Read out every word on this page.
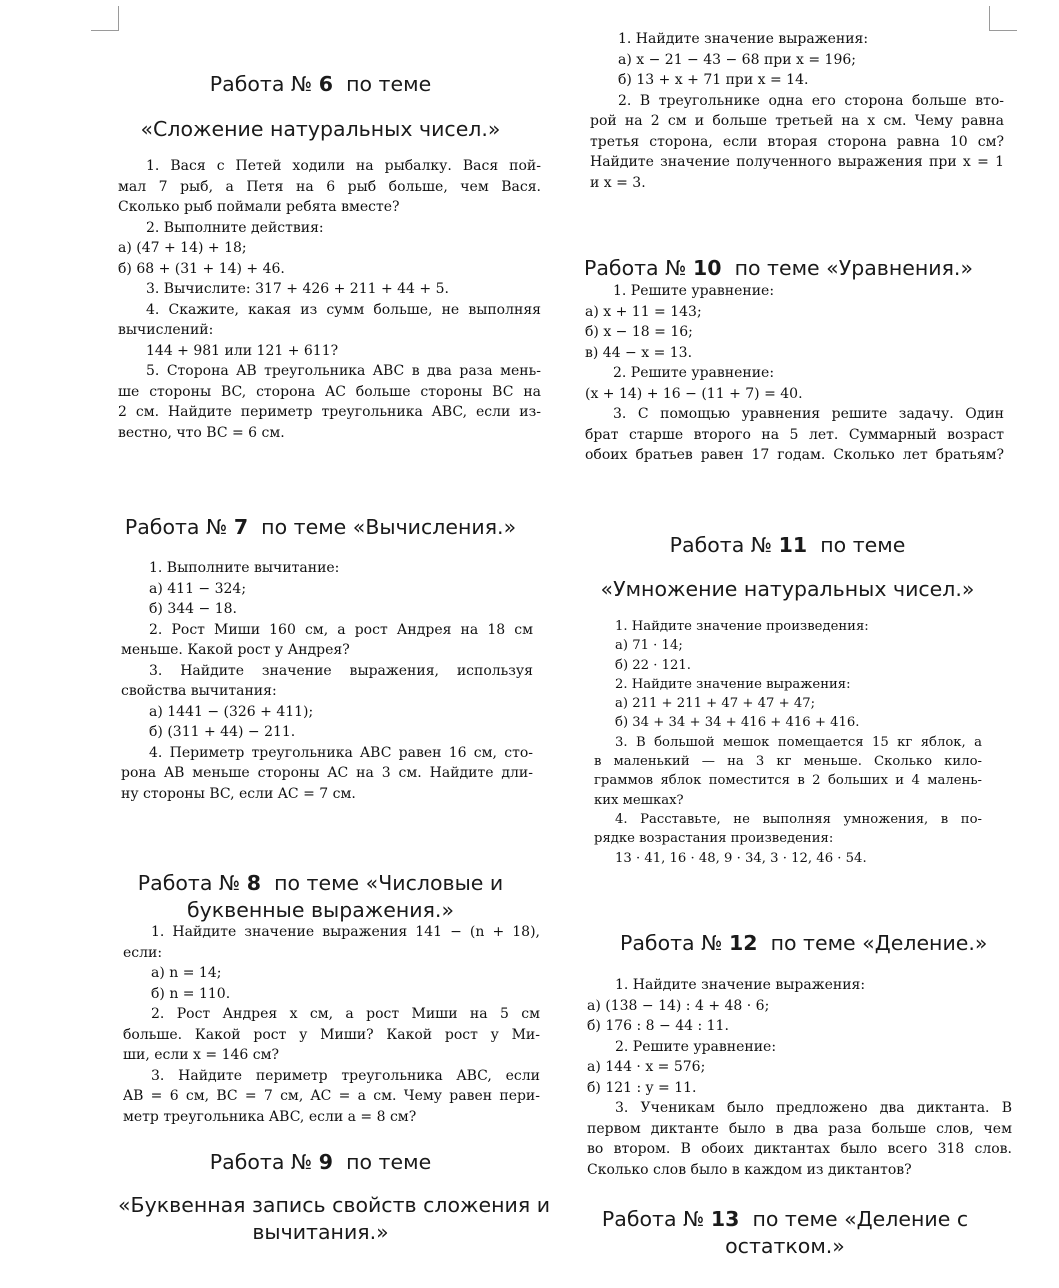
Работа № 6 по теме
«Сложение натуральных чисел.»

1. Вася с Петей ходили на рыбалку. Вася пой-

мал 7 рыб, а Петя на 6 рыб больше, чем Вася.

Сколько рыб поймали ребята вместе?

2. Выполните действия:

а) (47 + 14) + 18;

б) 68 + (31 + 14) + 46.

3. Вычислите: 317 + 426 + 211 + 44 + 5.

4. Скажите, какая из сумм больше, не выполняя

вычислений:

144 + 981 или 121 + 611?

5. Сторона AB треугольника ABC в два раза мень-

ше стороны BC, сторона AC больше стороны BC на

2 см. Найдите периметр треугольника ABC, если из-

вестно, что BC = 6 см.

Работа № 7 по теме «Вычисления.»

1. Выполните вычитание:

а) 411 − 324;

б) 344 − 18.

2. Рост Миши 160 см, а рост Андрея на 18 см

меньше. Какой рост у Андрея?

3. Найдите значение выражения, используя

свойства вычитания:

а) 1441 − (326 + 411);

б) (311 + 44) − 211.

4. Периметр треугольника ABC равен 16 см, сто-

рона AB меньше стороны AC на 3 см. Найдите дли-

ну стороны BC, если AC = 7 см.

Работа № 8 по теме «Числовые и
буквенные выражения.»

1. Найдите значение выражения 141 − (n + 18),

если:

а) n = 14;

б) n = 110.

2. Рост Андрея x см, а рост Миши на 5 см

больше. Какой рост у Миши? Какой рост у Ми-

ши, если x = 146 см?

3. Найдите периметр треугольника ABC, если

AB = 6 см, BC = 7 см, AC = a см. Чему равен пери-

метр треугольника ABC, если a = 8 см?

Работа № 9 по теме
«Буквенная запись свойств сложения и
вычитания.»

1. Найдите значение выражения:

а) x − 21 − 43 − 68 при x = 196;

б) 13 + x + 71 при x = 14.

2. В треугольнике одна его сторона больше вто-

рой на 2 см и больше третьей на x см. Чему равна

третья сторона, если вторая сторона равна 10 см?

Найдите значение полученного выражения при x = 1

и x = 3.

Работа № 10 по теме «Уравнения.»

1. Решите уравнение:

а) x + 11 = 143;

б) x − 18 = 16;

в) 44 − x = 13.

2. Решите уравнение:

(x + 14) + 16 − (11 + 7) = 40.

3. С помощью уравнения решите задачу. Один

брат старше второго на 5 лет. Суммарный возраст

обоих братьев равен 17 годам. Сколько лет братьям?

Работа № 11 по теме
«Умножение натуральных чисел.»

1. Найдите значение произведения:

а) 71 · 14;

б) 22 · 121.

2. Найдите значение выражения:

а) 211 + 211 + 47 + 47 + 47;

б) 34 + 34 + 34 + 416 + 416 + 416.

3. В большой мешок помещается 15 кг яблок, а

в маленький — на 3 кг меньше. Сколько кило-

граммов яблок поместится в 2 больших и 4 малень-

ких мешках?

4. Расставьте, не выполняя умножения, в по-

рядке возрастания произведения:

13 · 41, 16 · 48, 9 · 34, 3 · 12, 46 · 54.

Работа № 12 по теме «Деление.»

1. Найдите значение выражения:

а) (138 − 14) : 4 + 48 · 6;

б) 176 : 8 − 44 : 11.

2. Решите уравнение:

а) 144 · x = 576;

б) 121 : y = 11.

3. Ученикам было предложено два диктанта. В

первом диктанте было в два раза больше слов, чем

во втором. В обоих диктантах было всего 318 слов.

Сколько слов было в каждом из диктантов?

Работа № 13 по теме «Деление с
остатком.»
